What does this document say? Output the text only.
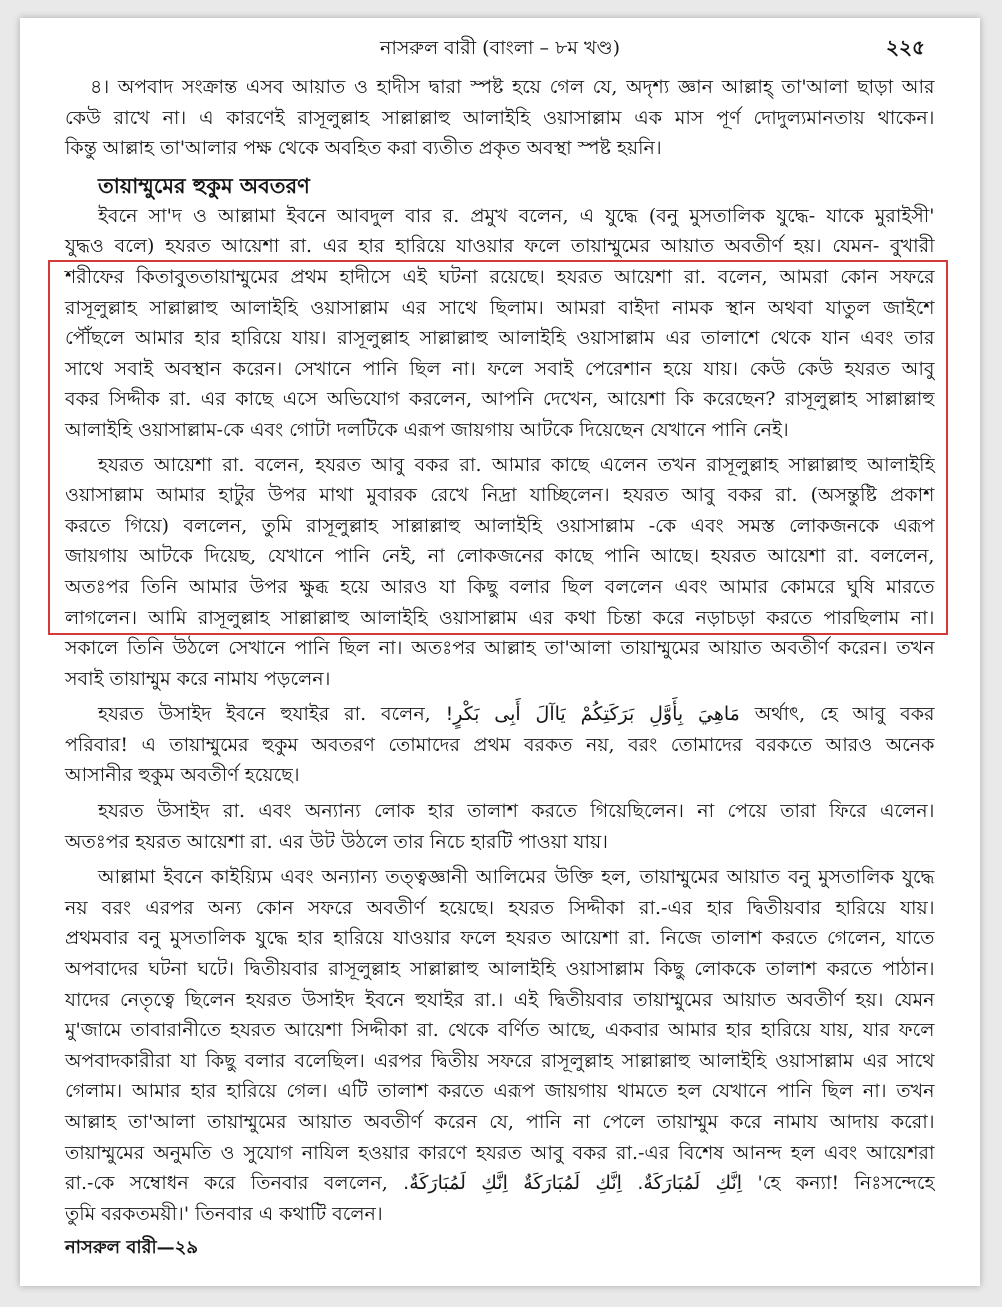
নাসরুল বারী (বাংলা – ৮ম খণ্ড)	২২৫
৪। অপবাদ সংক্রান্ত এসব আয়াত ও হাদীস দ্বারা স্পষ্ট হয়ে গেল যে, অদৃশ্য জ্ঞান আল্লাহ্ তা'আলা ছাড়া আর
কেউ রাখে না। এ কারণেই রাসূলুল্লাহ সাল্লাল্লাহু আলাইহি ওয়াসাল্লাম এক মাস পূর্ণ দোদুল্যমানতায় থাকেন।
কিন্তু আল্লাহ তা'আলার পক্ষ থেকে অবহিত করা ব্যতীত প্রকৃত অবস্থা স্পষ্ট হয়নি।
তায়াম্মুমের হুকুম অবতরণ
ইবনে সা'দ ও আল্লামা ইবনে আবদুল বার র. প্রমুখ বলেন, এ যুদ্ধে (বনু মুসতালিক যুদ্ধে- যাকে মুরাইসী'
যুদ্ধও বলে) হযরত আয়েশা রা. এর হার হারিয়ে যাওয়ার ফলে তায়াম্মুমের আয়াত অবতীর্ণ হয়। যেমন- বুখারী
শরীফের কিতাবুততায়াম্মুমের প্রথম হাদীসে এই ঘটনা রয়েছে। হযরত আয়েশা রা. বলেন, আমরা কোন সফরে
রাসূলুল্লাহ সাল্লাল্লাহু আলাইহি ওয়াসাল্লাম এর সাথে ছিলাম। আমরা বাইদা নামক স্থান অথবা যাতুল জাইশে
পৌঁছলে আমার হার হারিয়ে যায়। রাসূলুল্লাহ সাল্লাল্লাহু আলাইহি ওয়াসাল্লাম এর তালাশে থেকে যান এবং তার
সাথে সবাই অবস্থান করেন। সেখানে পানি ছিল না। ফলে সবাই পেরেশান হয়ে যায়। কেউ কেউ হযরত আবু
বকর সিদ্দীক রা. এর কাছে এসে অভিযোগ করলেন, আপনি দেখেন, আয়েশা কি করেছেন? রাসূলুল্লাহ সাল্লাল্লাহু
আলাইহি ওয়াসাল্লাম-কে এবং গোটা দলটিকে এরূপ জায়গায় আটকে দিয়েছেন যেখানে পানি নেই।
হযরত আয়েশা রা. বলেন, হযরত আবু বকর রা. আমার কাছে এলেন তখন রাসূলুল্লাহ সাল্লাল্লাহু আলাইহি
ওয়াসাল্লাম আমার হাটুর উপর মাথা মুবারক রেখে নিদ্রা যাচ্ছিলেন। হযরত আবু বকর রা. (অসন্তুষ্টি প্রকাশ
করতে গিয়ে) বললেন, তুমি রাসূলুল্লাহ সাল্লাল্লাহু আলাইহি ওয়াসাল্লাম -কে এবং সমস্ত লোকজনকে এরূপ
জায়গায় আটকে দিয়েছ, যেখানে পানি নেই, না লোকজনের কাছে পানি আছে। হযরত আয়েশা রা. বললেন,
অতঃপর তিনি আমার উপর ক্ষুব্ধ হয়ে আরও যা কিছু বলার ছিল বললেন এবং আমার কোমরে ঘুষি মারতে
লাগলেন। আমি রাসূলুল্লাহ সাল্লাল্লাহু আলাইহি ওয়াসাল্লাম এর কথা চিন্তা করে নড়াচড়া করতে পারছিলাম না।
সকালে তিনি উঠলে সেখানে পানি ছিল না। অতঃপর আল্লাহ তা'আলা তায়াম্মুমের আয়াত অবতীর্ণ করেন। তখন
সবাই তায়াম্মুম করে নামায পড়লেন।
হযরত উসাইদ ইবনে হুযাইর রা. বলেন, مَاهِيَ بِأَوَّلِ بَرَكَتِكُمْ يَاآلَ أَبِى بَكْرٍ! অর্থাৎ, হে আবু বকর
পরিবার! এ তায়াম্মুমের হুকুম অবতরণ তোমাদের প্রথম বরকত নয়, বরং তোমাদের বরকতে আরও অনেক
আসানীর হুকুম অবতীর্ণ হয়েছে।
হযরত উসাইদ রা. এবং অন্যান্য লোক হার তালাশ করতে গিয়েছিলেন। না পেয়ে তারা ফিরে এলেন।
অতঃপর হযরত আয়েশা রা. এর উট উঠলে তার নিচে হারটি পাওয়া যায়।
আল্লামা ইবনে কাইয়্যিম এবং অন্যান্য তত্ত্বজ্ঞানী আলিমের উক্তি হল, তায়াম্মুমের আয়াত বনু মুসতালিক যুদ্ধে
নয় বরং এরপর অন্য কোন সফরে অবতীর্ণ হয়েছে। হযরত সিদ্দীকা রা.-এর হার দ্বিতীয়বার হারিয়ে যায়।
প্রথমবার বনু মুসতালিক যুদ্ধে হার হারিয়ে যাওয়ার ফলে হযরত আয়েশা রা. নিজে তালাশ করতে গেলেন, যাতে
অপবাদের ঘটনা ঘটে। দ্বিতীয়বার রাসূলুল্লাহ সাল্লাল্লাহু আলাইহি ওয়াসাল্লাম কিছু লোককে তালাশ করতে পাঠান।
যাদের নেতৃত্বে ছিলেন হযরত উসাইদ ইবনে হুযাইর রা.। এই দ্বিতীয়বার তায়াম্মুমের আয়াত অবতীর্ণ হয়। যেমন
মু'জামে তাবারানীতে হযরত আয়েশা সিদ্দীকা রা. থেকে বর্ণিত আছে, একবার আমার হার হারিয়ে যায়, যার ফলে
অপবাদকারীরা যা কিছু বলার বলেছিল। এরপর দ্বিতীয় সফরে রাসূলুল্লাহ সাল্লাল্লাহু আলাইহি ওয়াসাল্লাম এর সাথে
গেলাম। আমার হার হারিয়ে গেল। এটি তালাশ করতে এরূপ জায়গায় থামতে হল যেখানে পানি ছিল না। তখন
আল্লাহ তা'আলা তায়াম্মুমের আয়াত অবতীর্ণ করেন যে, পানি না পেলে তায়াম্মুম করে নামায আদায় করো।
তায়াম্মুমের অনুমতি ও সুযোগ নাযিল হওয়ার কারণে হযরত আবু বকর রা.-এর বিশেষ আনন্দ হল এবং আয়েশরা
রা.-কে সম্বোধন করে তিনবার বললেন, اِنَّكِ لَمُبَارَكَةٌ. اِنَّكِ لَمُبَارَكَةٌ اِنَّكِ لَمُبَارَكَةٌ. 'হে কন্যা! নিঃসন্দেহে
তুমি বরকতময়ী।' তিনবার এ কথাটি বলেন।
নাসরুল বারী—২৯
